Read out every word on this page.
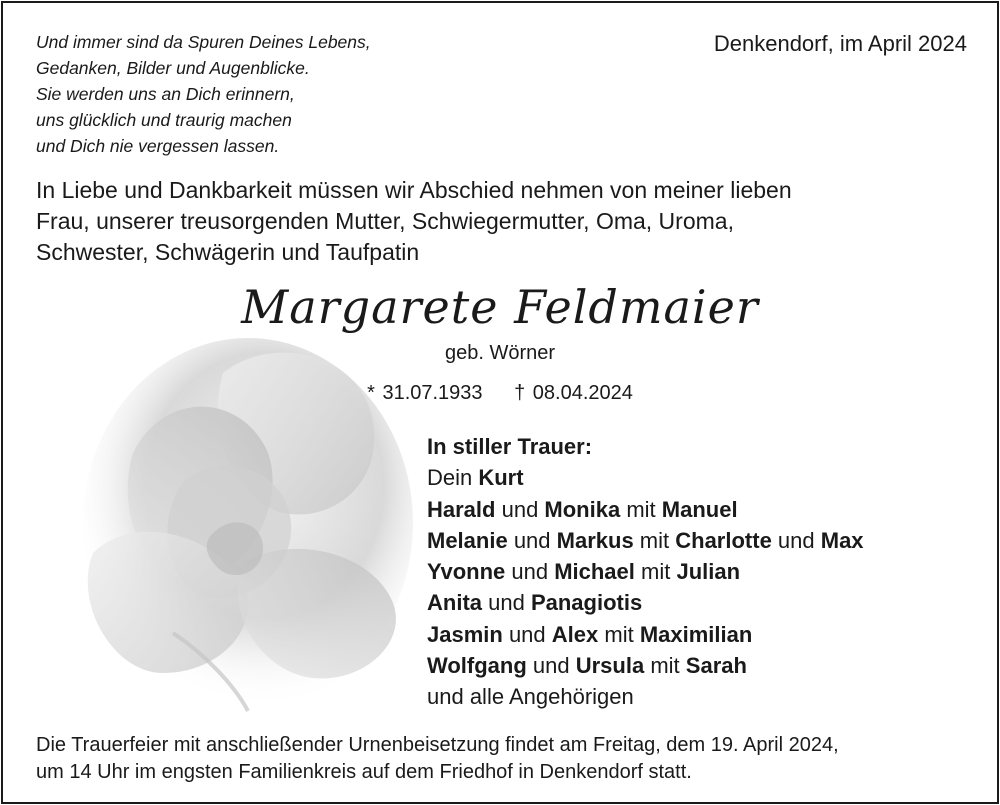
Und immer sind da Spuren Deines Lebens,
Gedanken, Bilder und Augenblicke.
Sie werden uns an Dich erinnern,
uns glücklich und traurig machen
und Dich nie vergessen lassen.
Denkendorf, im April 2024
In Liebe und Dankbarkeit müssen wir Abschied nehmen von meiner lieben
Frau, unserer treusorgenden Mutter, Schwiegermutter, Oma, Uroma,
Schwester, Schwägerin und Taufpatin
Margarete Feldmaier
geb. Wörner
* 31.07.1933 † 08.04.2024
In stiller Trauer:
Dein Kurt
Harald und Monika mit Manuel
Melanie und Markus mit Charlotte und Max
Yvonne und Michael mit Julian
Anita und Panagiotis
Jasmin und Alex mit Maximilian
Wolfgang und Ursula mit Sarah
und alle Angehörigen
Die Trauerfeier mit anschließender Urnenbeisetzung findet am Freitag, dem 19. April 2024,
um 14 Uhr im engsten Familienkreis auf dem Friedhof in Denkendorf statt.
